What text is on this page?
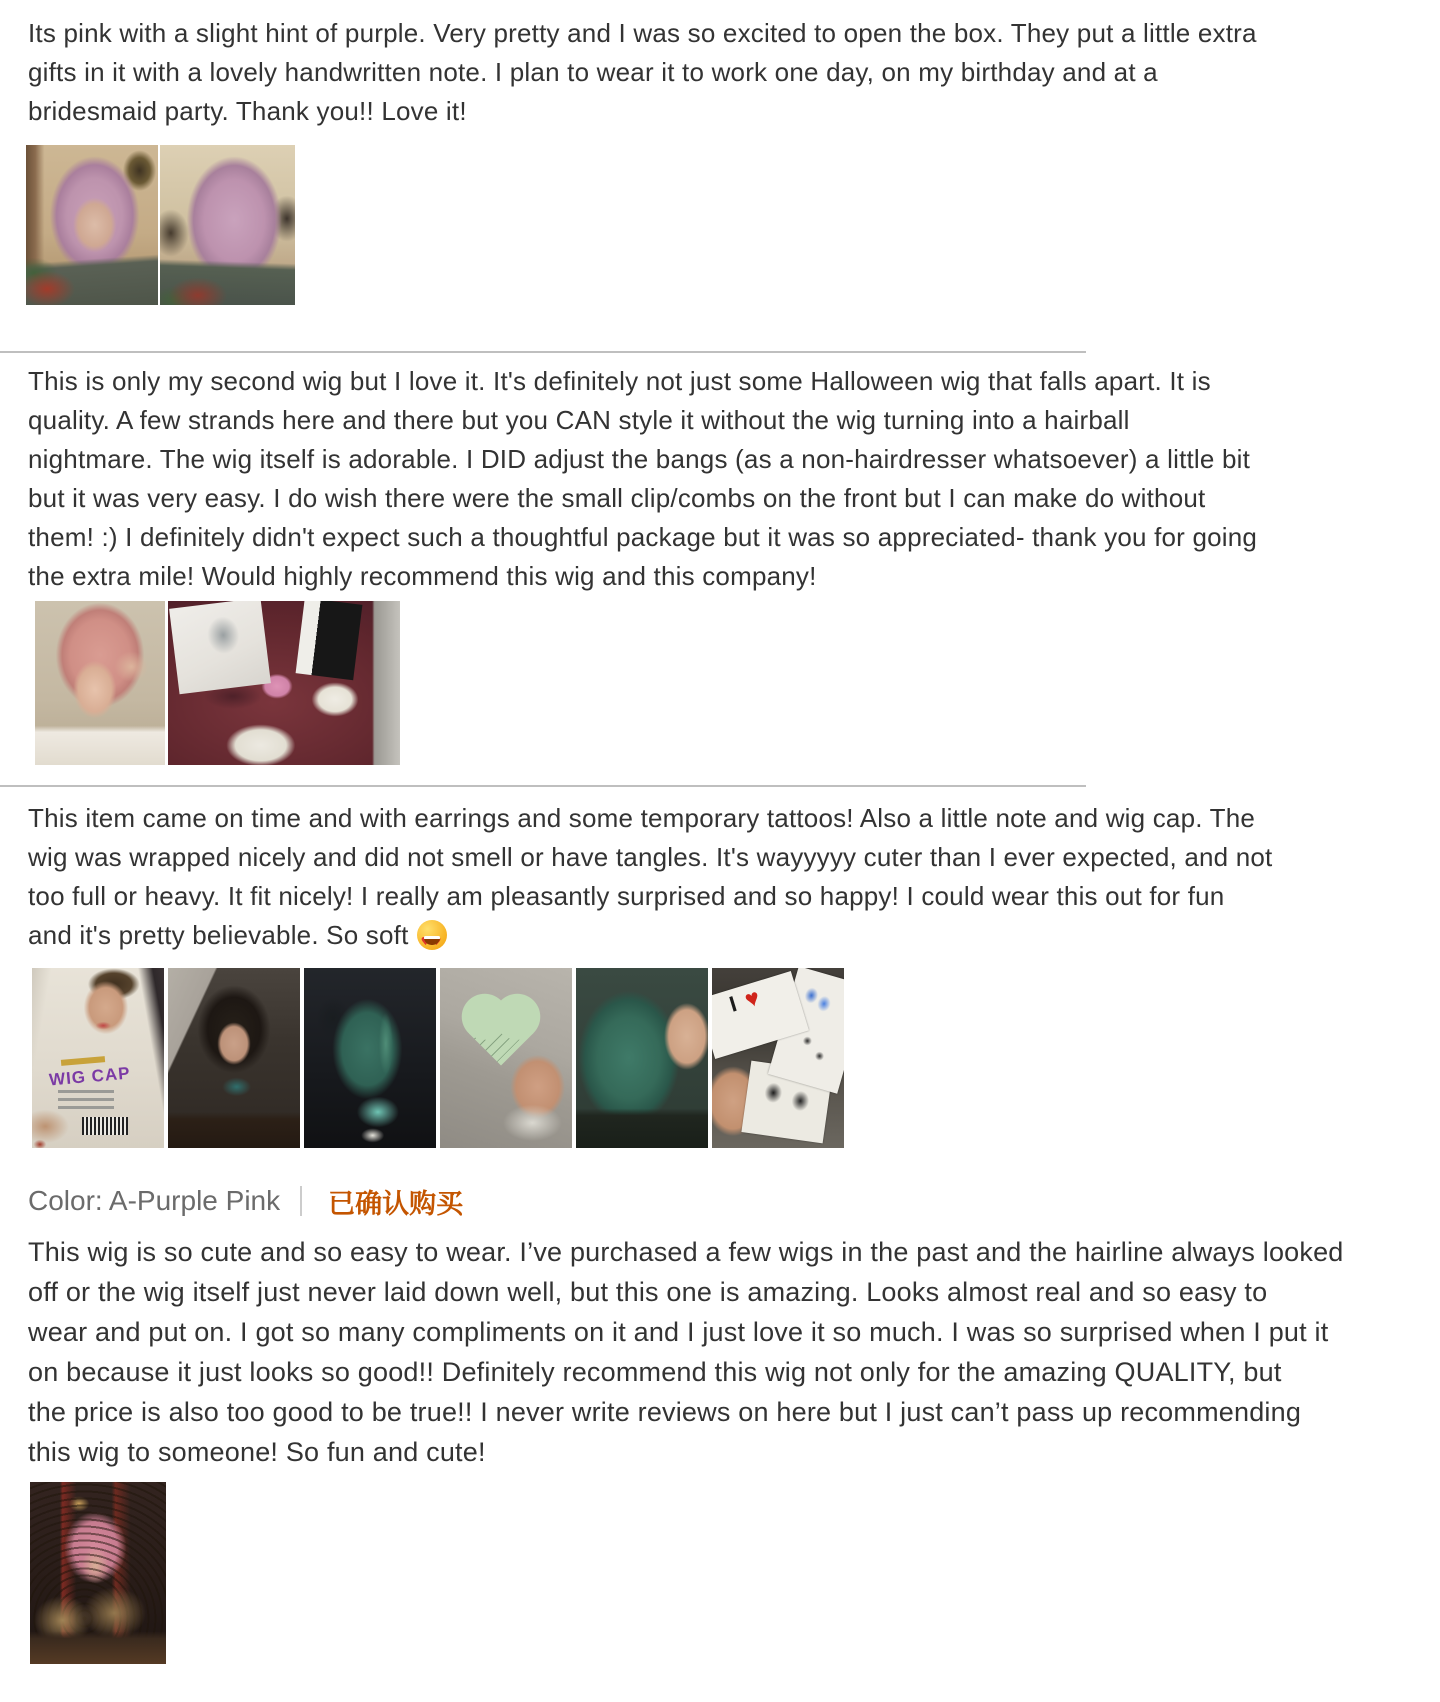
Its pink with a slight hint of purple. Very pretty and I was so excited to open the box. They put a little extra
gifts in it with a lovely handwritten note. I plan to wear it to work one day, on my birthday and at a
bridesmaid party. Thank you!! Love it!

This is only my second wig but I love it. It's definitely not just some Halloween wig that falls apart. It is
quality. A few strands here and there but you CAN style it without the wig turning into a hairball
nightmare. The wig itself is adorable. I DID adjust the bangs (as a non-hairdresser whatsoever) a little bit
but it was very easy. I do wish there were the small clip/combs on the front but I can make do without
them! :) I definitely didn't expect such a thoughtful package but it was so appreciated- thank you for going
the extra mile! Would highly recommend this wig and this company!

This item came on time and with earrings and some temporary tattoos! Also a little note and wig cap. The
wig was wrapped nicely and did not smell or have tangles. It's wayyyyy cuter than I ever expected, and not
too full or heavy. It fit nicely! I really am pleasantly surprised and so happy! I could wear this out for fun
and it's pretty believable. So soft♥♥
WIG CAP

I
Color: A-Purple Pink 已确认购买
This wig is so cute and so easy to wear. I’ve purchased a few wigs in the past and the hairline always looked
off or the wig itself just never laid down well, but this one is amazing. Looks almost real and so easy to
wear and put on. I got so many compliments on it and I just love it so much. I was so surprised when I put it
on because it just looks so good!! Definitely recommend this wig not only for the amazing QUALITY, but
the price is also too good to be true!! I never write reviews on here but I just can’t pass up recommending
this wig to someone! So fun and cute!
